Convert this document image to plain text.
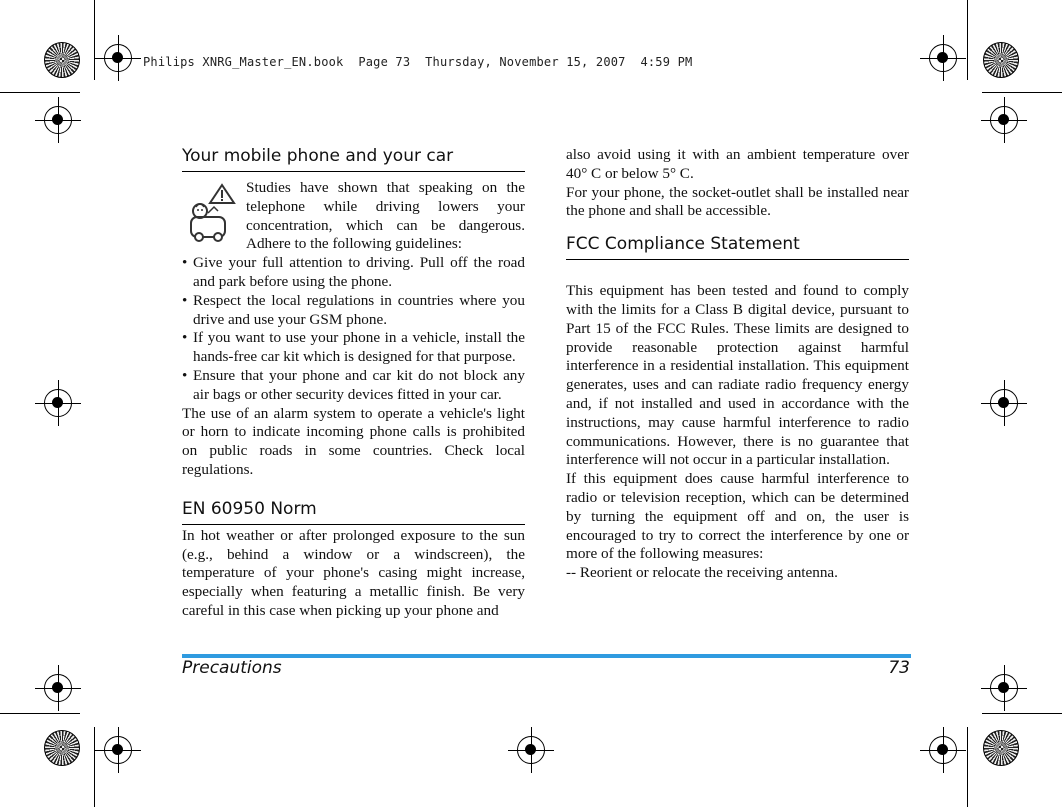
Philips XNRG_Master_EN.book  Page 73  Thursday, November 15, 2007  4:59 PM
Your mobile phone and your car

Studies have shown that speaking on the telephone while driving lowers your concentration, which can be dangerous. Adhere to the following guidelines:

• Give your full attention to driving. Pull off the road and park before using the phone.
• Respect the local regulations in countries where you drive and use your GSM phone.
• If you want to use your phone in a vehicle, install the hands-free car kit which is designed for that purpose.
• Ensure that your phone and car kit do not block any air bags or other security devices fitted in your car.

The use of an alarm system to operate a vehicle's light or horn to indicate incoming phone calls is prohibited on public roads in some countries. Check local regulations.

EN 60950 Norm

In hot weather or after prolonged exposure to the sun (e.g., behind a window or a windscreen), the temperature of your phone's casing might increase, especially when featuring a metallic finish. Be very careful in this case when picking up your phone and

also avoid using it with an ambient temperature over 40° C or below 5° C.

For your phone, the socket-outlet shall be installed near the phone and shall be accessible.

FCC Compliance Statement

This equipment has been tested and found to comply with the limits for a Class B digital device, pursuant to Part 15 of the FCC Rules. These limits are designed to provide reasonable protection against harmful interference in a residential installation. This equipment generates, uses and can radiate radio frequency energy and, if not installed and used in accordance with the instructions, may cause harmful interference to radio communications. However, there is no guarantee that interference will not occur in a particular installation.

If this equipment does cause harmful interference to radio or television reception, which can be determined by turning the equipment off and on, the user is encouraged to try to correct the interference by one or more of the following measures:

-- Reorient or relocate the receiving antenna.

Precautions	73
